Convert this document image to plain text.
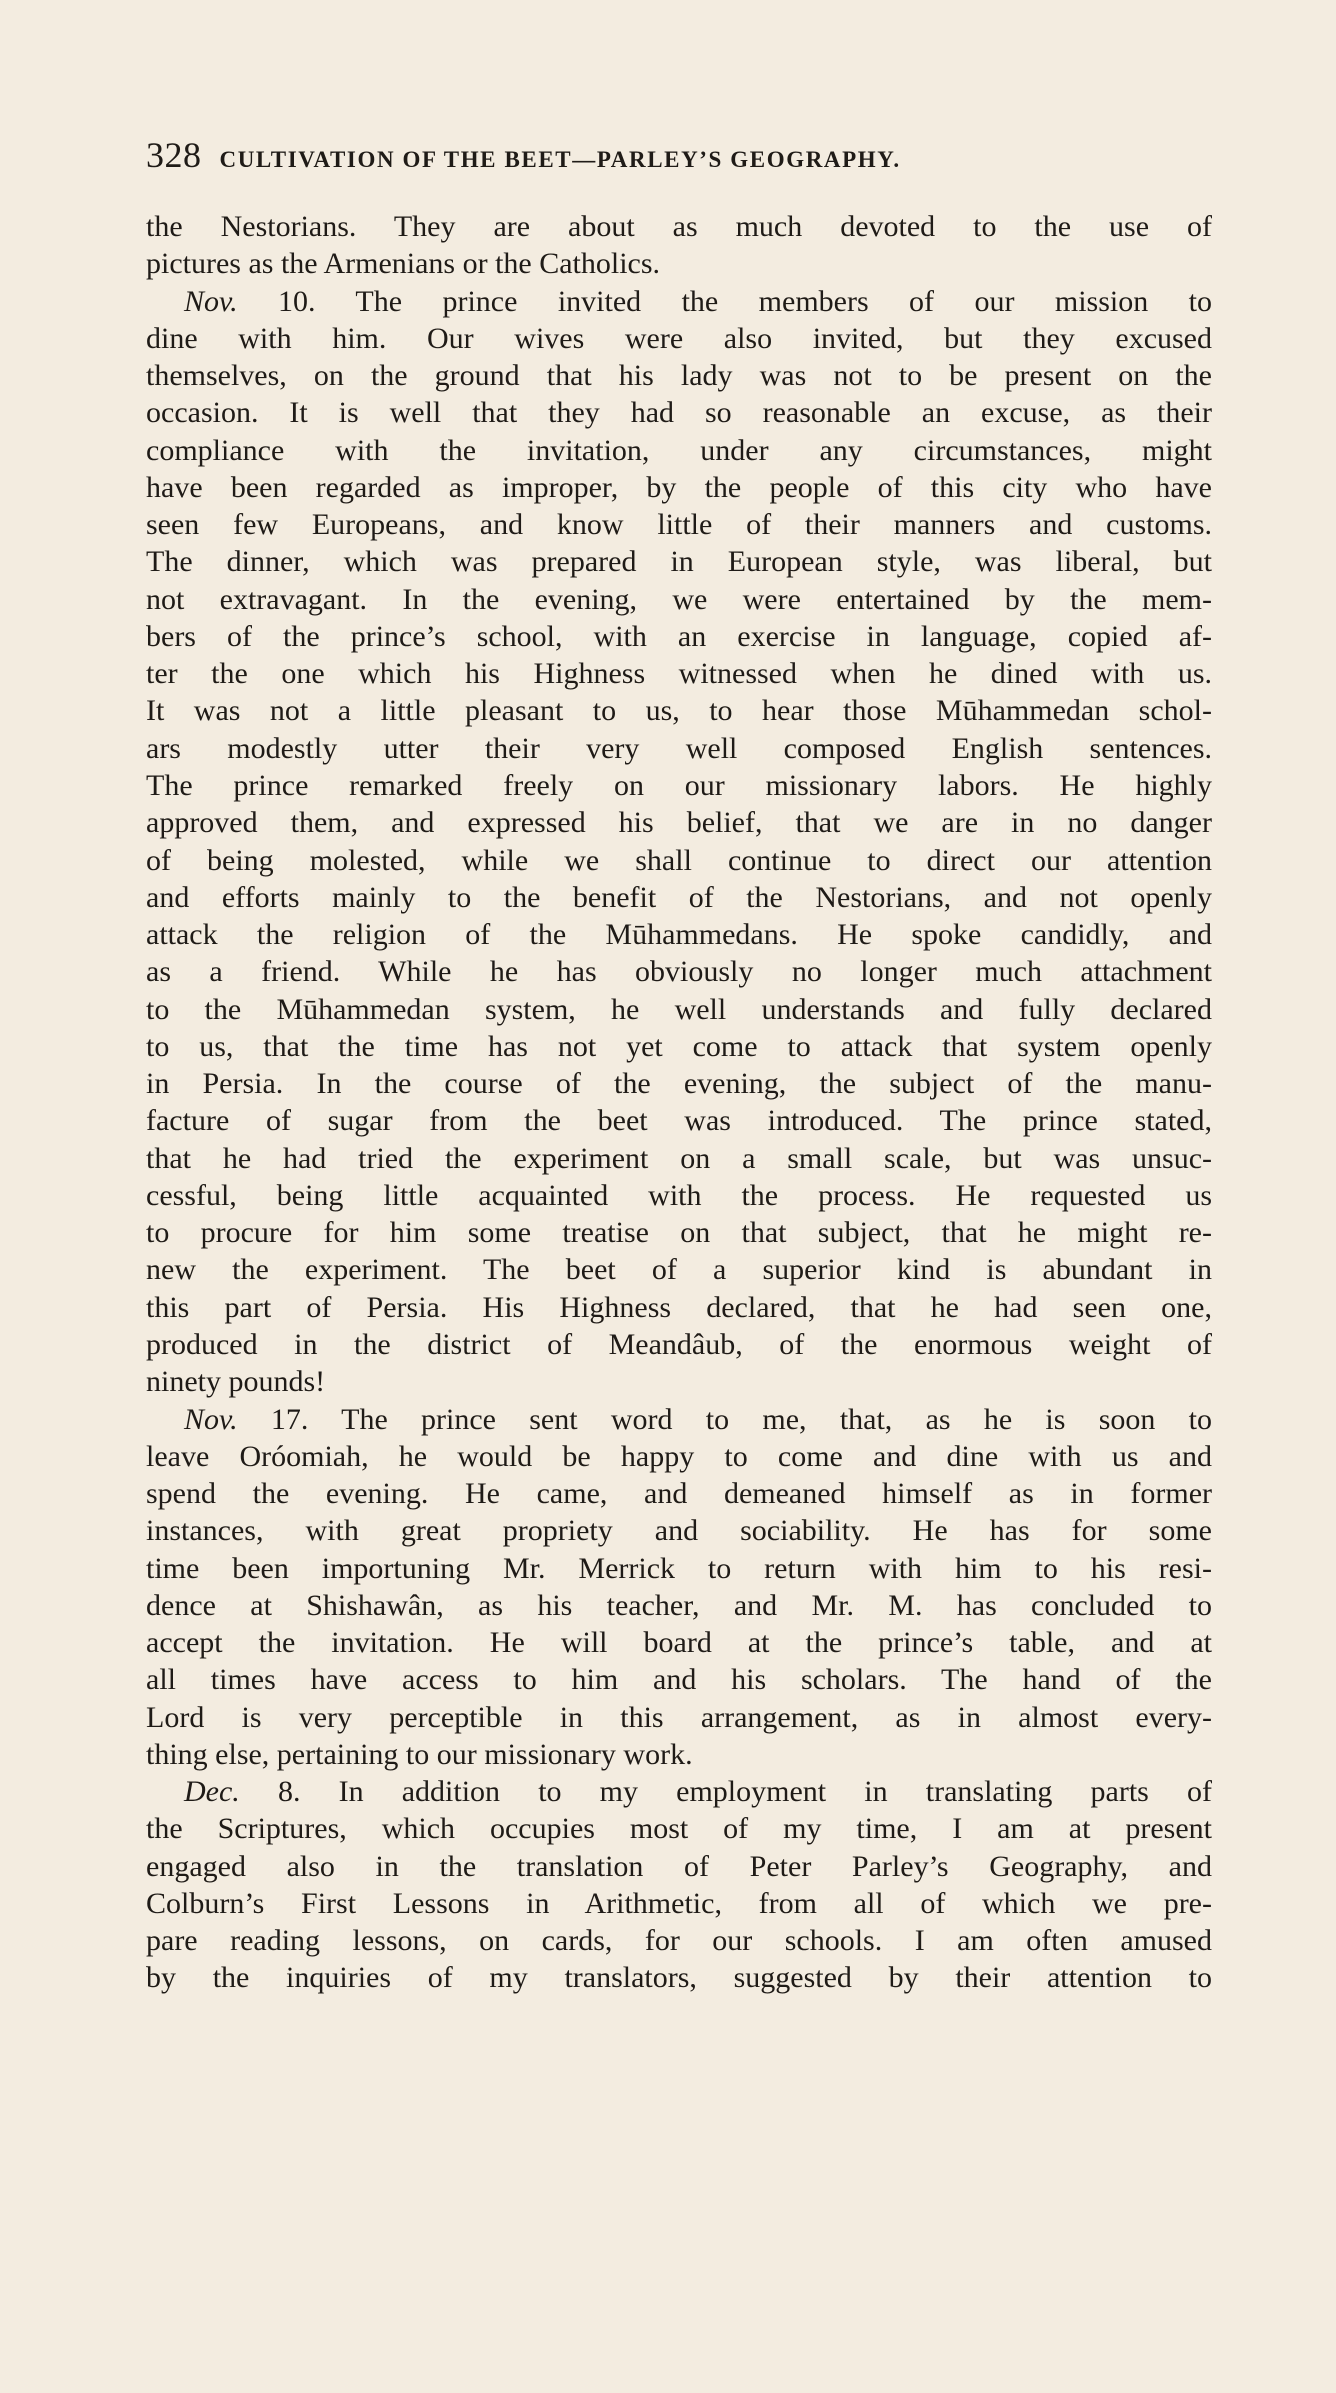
328 CULTIVATION OF THE BEET—PARLEY’S GEOGRAPHY.
the Nestorians. They are about as much devoted to the use of
pictures as the Armenians or the Catholics.
Nov. 10. The prince invited the members of our mission to
dine with him. Our wives were also invited, but they excused
themselves, on the ground that his lady was not to be present on the
occasion. It is well that they had so reasonable an excuse, as their
compliance with the invitation, under any circumstances, might
have been regarded as improper, by the people of this city who have
seen few Europeans, and know little of their manners and customs.
The dinner, which was prepared in European style, was liberal, but
not extravagant. In the evening, we were entertained by the mem-
bers of the prince’s school, with an exercise in language, copied af-
ter the one which his Highness witnessed when he dined with us.
It was not a little pleasant to us, to hear those Mūhammedan schol-
ars modestly utter their very well composed English sentences.
The prince remarked freely on our missionary labors. He highly
approved them, and expressed his belief, that we are in no danger
of being molested, while we shall continue to direct our attention
and efforts mainly to the benefit of the Nestorians, and not openly
attack the religion of the Mūhammedans. He spoke candidly, and
as a friend. While he has obviously no longer much attachment
to the Mūhammedan system, he well understands and fully declared
to us, that the time has not yet come to attack that system openly
in Persia. In the course of the evening, the subject of the manu-
facture of sugar from the beet was introduced. The prince stated,
that he had tried the experiment on a small scale, but was unsuc-
cessful, being little acquainted with the process. He requested us
to procure for him some treatise on that subject, that he might re-
new the experiment. The beet of a superior kind is abundant in
this part of Persia. His Highness declared, that he had seen one,
produced in the district of Meandâub, of the enormous weight of
ninety pounds!
Nov. 17. The prince sent word to me, that, as he is soon to
leave Oróomiah, he would be happy to come and dine with us and
spend the evening. He came, and demeaned himself as in former
instances, with great propriety and sociability. He has for some
time been importuning Mr. Merrick to return with him to his resi-
dence at Shishawân, as his teacher, and Mr. M. has concluded to
accept the invitation. He will board at the prince’s table, and at
all times have access to him and his scholars. The hand of the
Lord is very perceptible in this arrangement, as in almost every-
thing else, pertaining to our missionary work.
Dec. 8. In addition to my employment in translating parts of
the Scriptures, which occupies most of my time, I am at present
engaged also in the translation of Peter Parley’s Geography, and
Colburn’s First Lessons in Arithmetic, from all of which we pre-
pare reading lessons, on cards, for our schools. I am often amused
by the inquiries of my translators, suggested by their attention to
